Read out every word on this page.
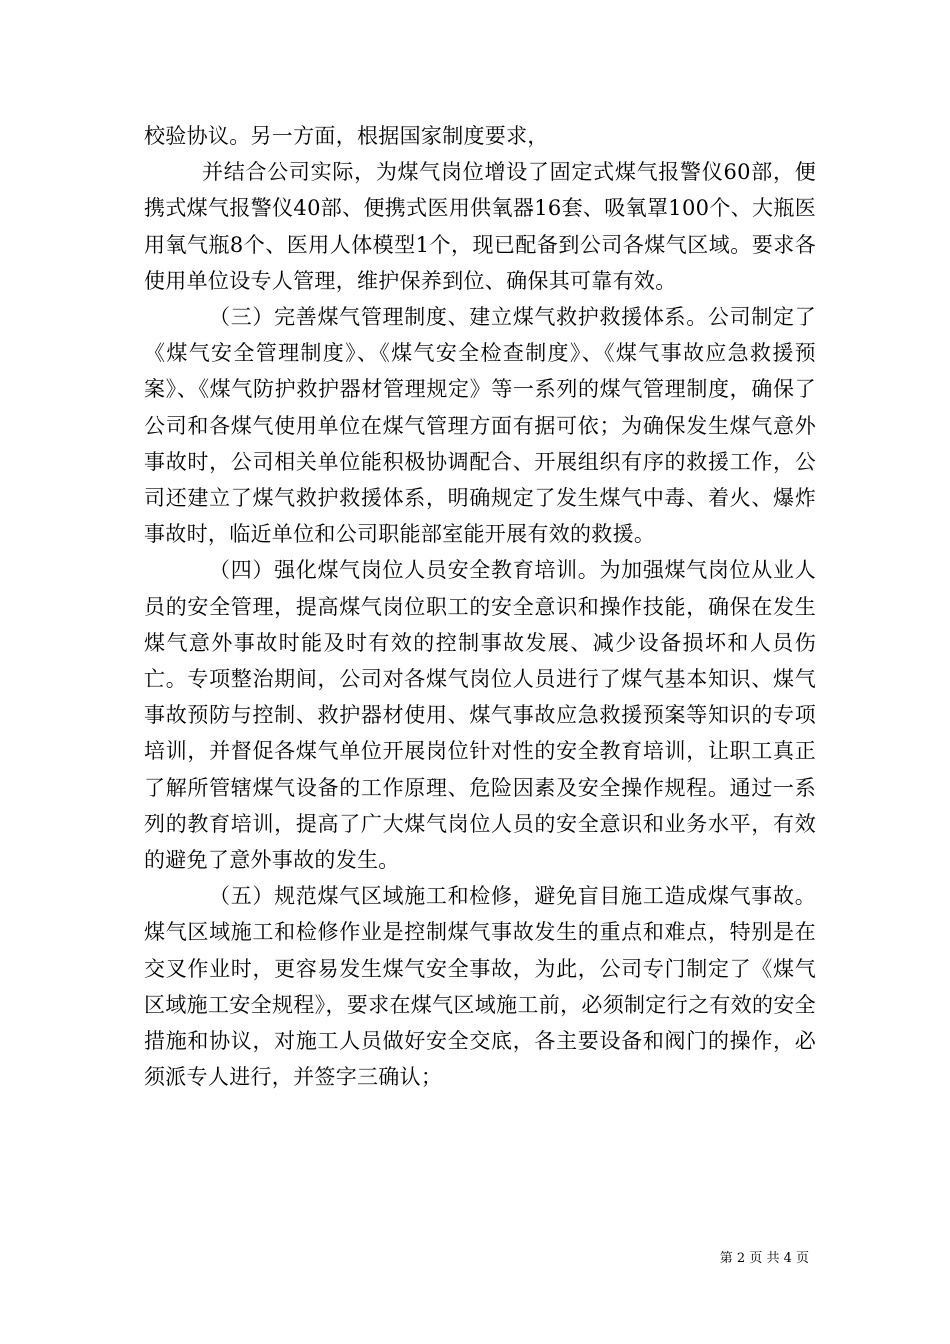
校验协议。另一方面，根据国家制度要求，

并结合公司实际，为煤气岗位增设了固定式煤气报警仪60部，便携式煤气报警仪40部、便携式医用供氧器16套、吸氧罩100个、大瓶医用氧气瓶8个、医用人体模型1个，现已配备到公司各煤气区域。要求各使用单位设专人管理，维护保养到位、确保其可靠有效。

（三）完善煤气管理制度、建立煤气救护救援体系。公司制定了《煤气安全管理制度》、《煤气安全检查制度》、《煤气事故应急救援预案》、《煤气防护救护器材管理规定》等一系列的煤气管理制度，确保了公司和各煤气使用单位在煤气管理方面有据可依；为确保发生煤气意外事故时，公司相关单位能积极协调配合、开展组织有序的救援工作，公司还建立了煤气救护救援体系，明确规定了发生煤气中毒、着火、爆炸事故时，临近单位和公司职能部室能开展有效的救援。

（四）强化煤气岗位人员安全教育培训。为加强煤气岗位从业人员的安全管理，提高煤气岗位职工的安全意识和操作技能，确保在发生煤气意外事故时能及时有效的控制事故发展、减少设备损坏和人员伤亡。专项整治期间，公司对各煤气岗位人员进行了煤气基本知识、煤气事故预防与控制、救护器材使用、煤气事故应急救援预案等知识的专项培训，并督促各煤气单位开展岗位针对性的安全教育培训，让职工真正了解所管辖煤气设备的工作原理、危险因素及安全操作规程。通过一系列的教育培训，提高了广大煤气岗位人员的安全意识和业务水平，有效的避免了意外事故的发生。

（五）规范煤气区域施工和检修，避免盲目施工造成煤气事故。煤气区域施工和检修作业是控制煤气事故发生的重点和难点，特别是在交叉作业时，更容易发生煤气安全事故，为此，公司专门制定了《煤气区域施工安全规程》，要求在煤气区域施工前，必须制定行之有效的安全措施和协议，对施工人员做好安全交底，各主要设备和阀门的操作，必须派专人进行，并签字三确认；

第 2 页 共 4 页
